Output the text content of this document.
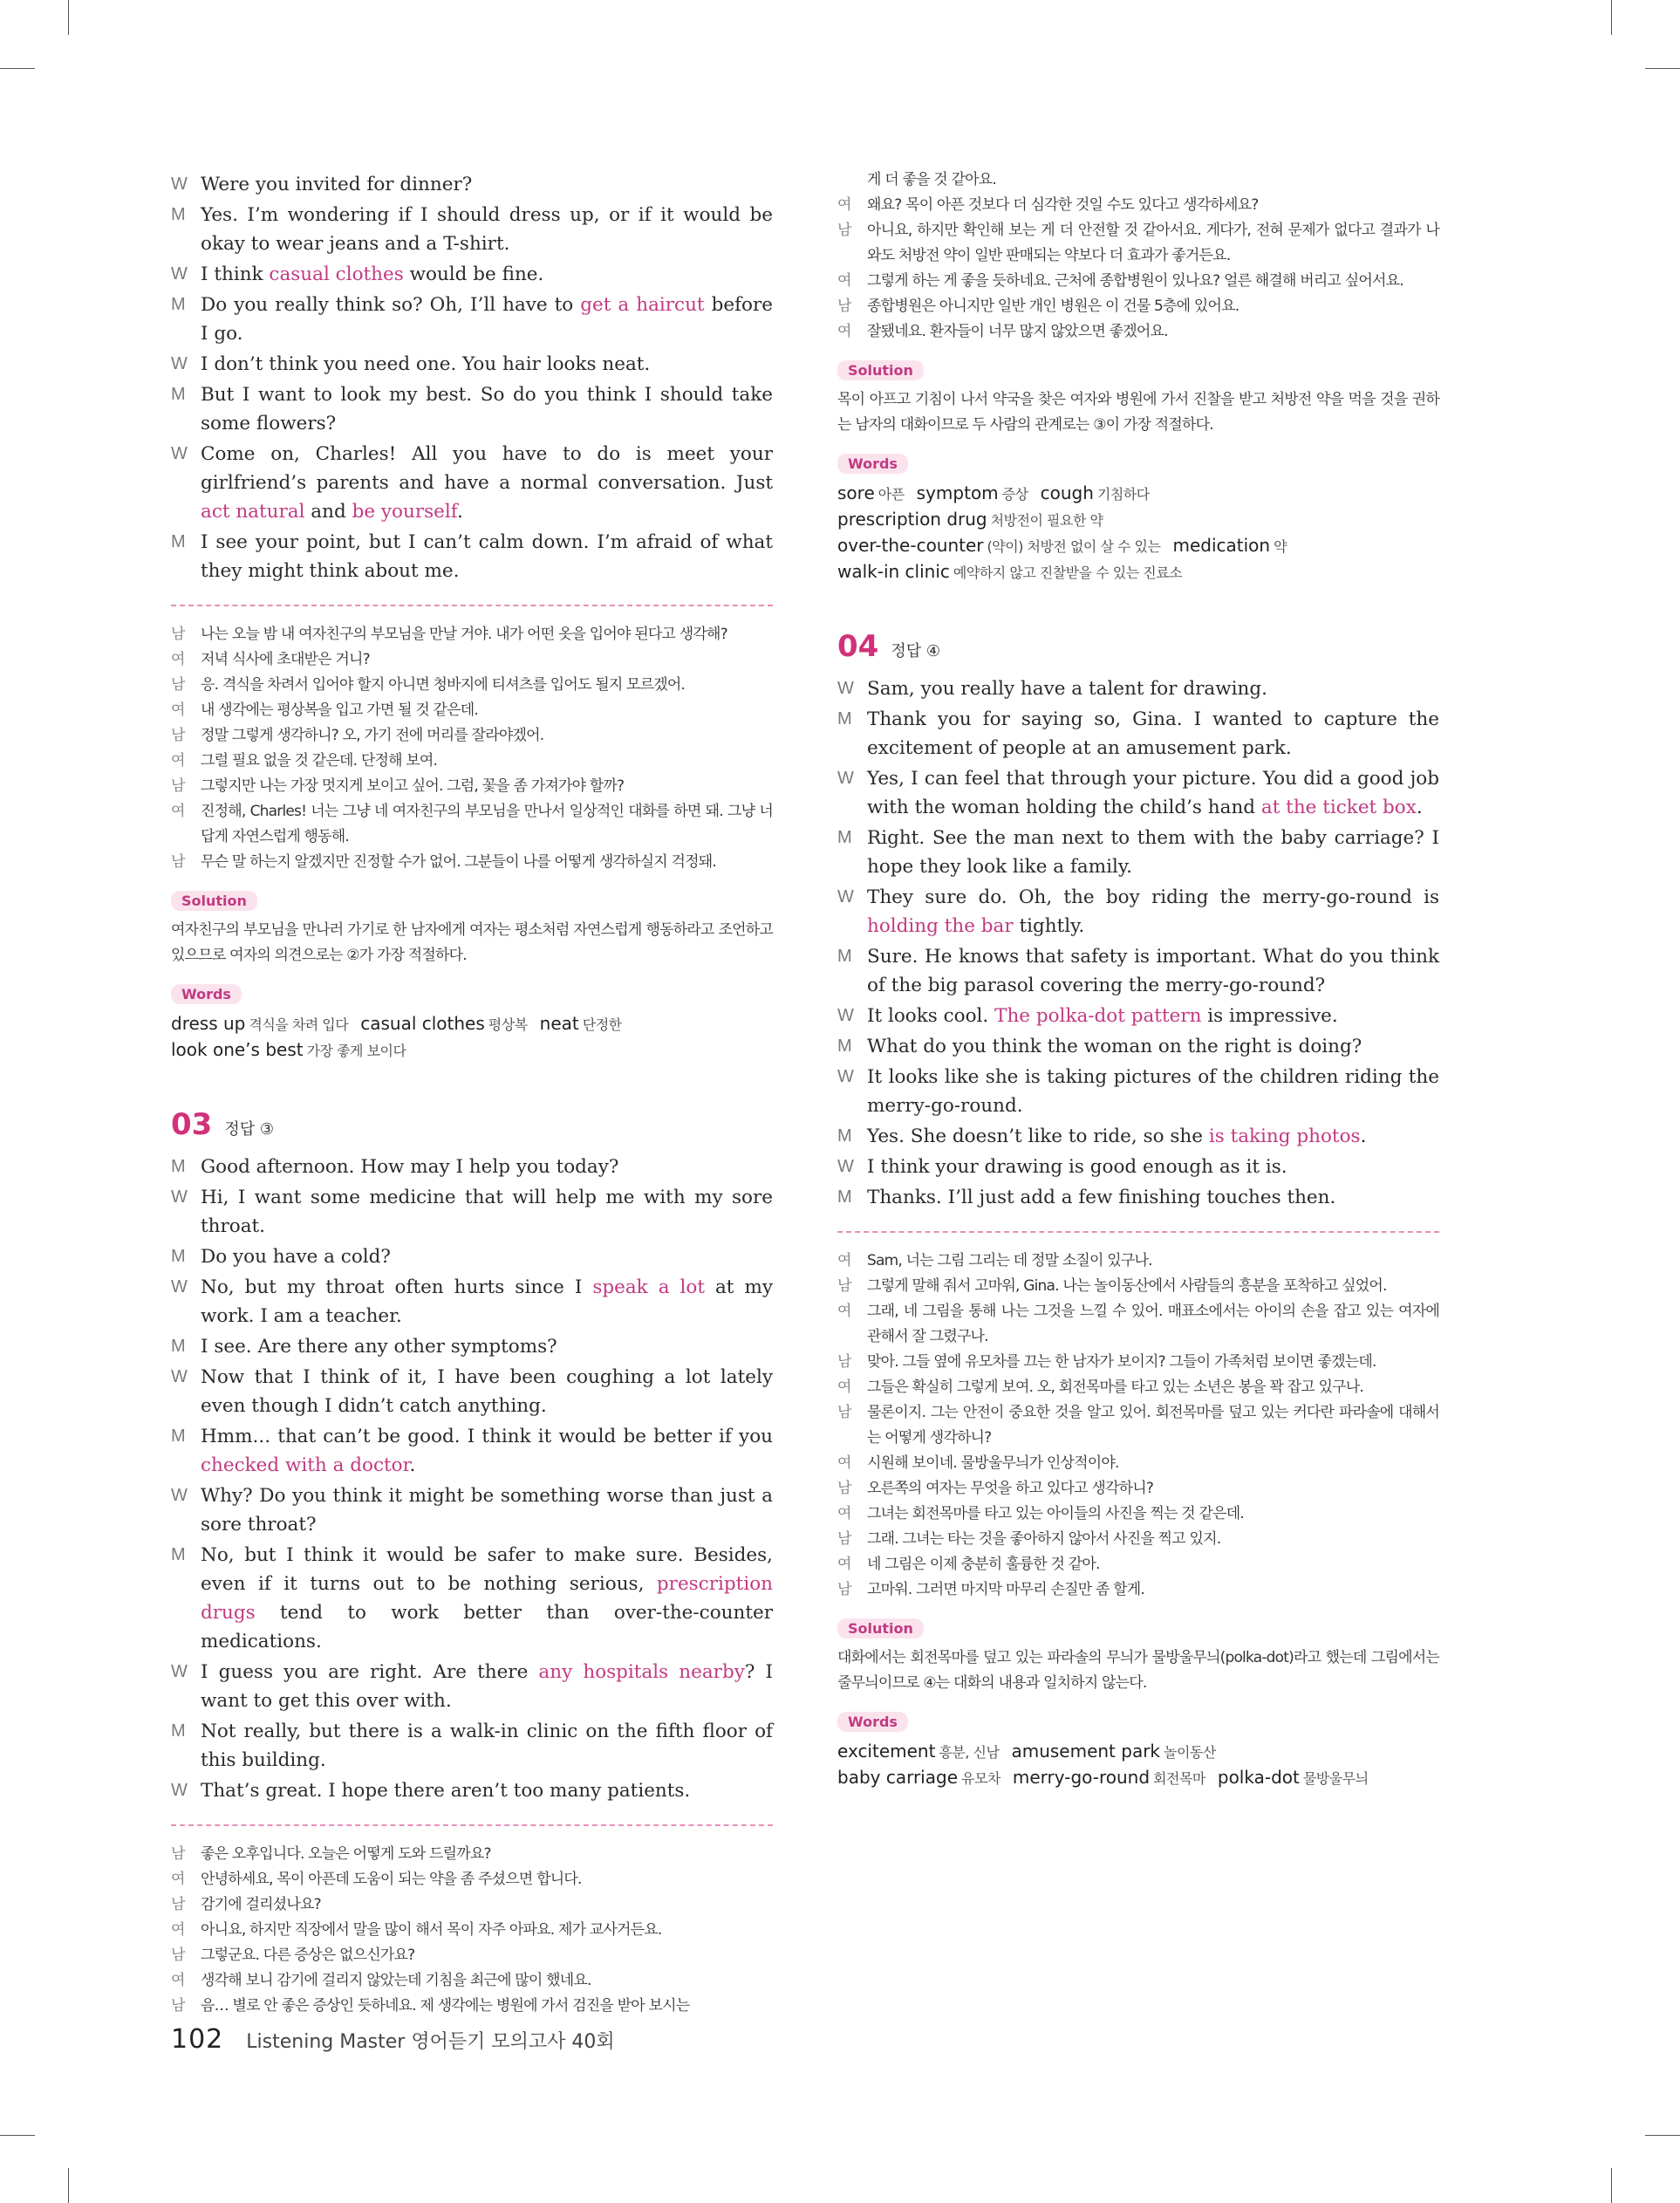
W Were you invited for dinner?
M Yes. I’m wondering if I should dress up, or if it would be okay to wear jeans and a T-shirt.
W I think casual clothes would be fine.
M Do you really think so? Oh, I’ll have to get a haircut before I go.
W I don’t think you need one. You hair looks neat.
M But I want to look my best. So do you think I should take some flowers?
W Come on, Charles! All you have to do is meet your girlfriend’s parents and have a normal conversation. Just act natural and be yourself.
M I see your point, but I can’t calm down. I’m afraid of what they might think about me.
남 나는 오늘 밤 내 여자친구의 부모님을 만날 거야. 내가 어떤 옷을 입어야 된다고 생각해?
여 저녁 식사에 초대받은 거니?
남 응. 격식을 차려서 입어야 할지 아니면 청바지에 티셔츠를 입어도 될지 모르겠어.
여 내 생각에는 평상복을 입고 가면 될 것 같은데.
남 정말 그렇게 생각하니? 오, 가기 전에 머리를 잘라야겠어.
여 그럴 필요 없을 것 같은데. 단정해 보여.
남 그렇지만 나는 가장 멋지게 보이고 싶어. 그럼, 꽃을 좀 가져가야 할까?
여 진정해, Charles! 너는 그냥 네 여자친구의 부모님을 만나서 일상적인 대화를 하면 돼. 그냥 너답게 자연스럽게 행동해.
남 무슨 말 하는지 알겠지만 진정할 수가 없어. 그분들이 나를 어떻게 생각하실지 걱정돼.
Solution
여자친구의 부모님을 만나러 가기로 한 남자에게 여자는 평소처럼 자연스럽게 행동하라고 조언하고 있으므로 여자의 의견으로는 ②가 가장 적절하다.
Words
dress up 격식을 차려 입다 casual clothes 평상복 neat 단정한
look one’s best 가장 좋게 보이다
03 정답 ③
M Good afternoon. How may I help you today?
W Hi, I want some medicine that will help me with my sore throat.
M Do you have a cold?
W No, but my throat often hurts since I speak a lot at my work. I am a teacher.
M I see. Are there any other symptoms?
W Now that I think of it, I have been coughing a lot lately even though I didn’t catch anything.
M Hmm... that can’t be good. I think it would be better if you checked with a doctor.
W Why? Do you think it might be something worse than just a sore throat?
M No, but I think it would be safer to make sure. Besides, even if it turns out to be nothing serious, prescription drugs tend to work better than over-the-counter medications.
W I guess you are right. Are there any hospitals nearby? I want to get this over with.
M Not really, but there is a walk-in clinic on the fifth floor of this building.
W That’s great. I hope there aren’t too many patients.
남 좋은 오후입니다. 오늘은 어떻게 도와 드릴까요?
여 안녕하세요, 목이 아픈데 도움이 되는 약을 좀 주셨으면 합니다.
남 감기에 걸리셨나요?
여 아니요, 하지만 직장에서 말을 많이 해서 목이 자주 아파요. 제가 교사거든요.
남 그렇군요. 다른 증상은 없으신가요?
여 생각해 보니 감기에 걸리지 않았는데 기침을 최근에 많이 했네요.
남 음… 별로 안 좋은 증상인 듯하네요. 제 생각에는 병원에 가서 검진을 받아 보시는
게 더 좋을 것 같아요.
여 왜요? 목이 아픈 것보다 더 심각한 것일 수도 있다고 생각하세요?
남 아니요, 하지만 확인해 보는 게 더 안전할 것 같아서요. 게다가, 전혀 문제가 없다고 결과가 나와도 처방전 약이 일반 판매되는 약보다 더 효과가 좋거든요.
여 그렇게 하는 게 좋을 듯하네요. 근처에 종합병원이 있나요? 얼른 해결해 버리고 싶어서요.
남 종합병원은 아니지만 일반 개인 병원은 이 건물 5층에 있어요.
여 잘됐네요. 환자들이 너무 많지 않았으면 좋겠어요.
Solution
목이 아프고 기침이 나서 약국을 찾은 여자와 병원에 가서 진찰을 받고 처방전 약을 먹을 것을 권하는 남자의 대화이므로 두 사람의 관계로는 ③이 가장 적절하다.
Words
sore 아픈 symptom 증상 cough 기침하다
prescription drug 처방전이 필요한 약
over-the-counter (약이) 처방전 없이 살 수 있는 medication 약
walk-in clinic 예약하지 않고 진찰받을 수 있는 진료소
04 정답 ④
W Sam, you really have a talent for drawing.
M Thank you for saying so, Gina. I wanted to capture the excitement of people at an amusement park.
W Yes, I can feel that through your picture. You did a good job with the woman holding the child’s hand at the ticket box.
M Right. See the man next to them with the baby carriage? I hope they look like a family.
W They sure do. Oh, the boy riding the merry-go-round is holding the bar tightly.
M Sure. He knows that safety is important. What do you think of the big parasol covering the merry-go-round?
W It looks cool. The polka-dot pattern is impressive.
M What do you think the woman on the right is doing?
W It looks like she is taking pictures of the children riding the merry-go-round.
M Yes. She doesn’t like to ride, so she is taking photos.
W I think your drawing is good enough as it is.
M Thanks. I’ll just add a few finishing touches then.
여 Sam, 너는 그림 그리는 데 정말 소질이 있구나.
남 그렇게 말해 줘서 고마워, Gina. 나는 놀이동산에서 사람들의 흥분을 포착하고 싶었어.
여 그래, 네 그림을 통해 나는 그것을 느낄 수 있어. 매표소에서는 아이의 손을 잡고 있는 여자에 관해서 잘 그렸구나.
남 맞아. 그들 옆에 유모차를 끄는 한 남자가 보이지? 그들이 가족처럼 보이면 좋겠는데.
여 그들은 확실히 그렇게 보여. 오, 회전목마를 타고 있는 소년은 봉을 꽉 잡고 있구나.
남 물론이지. 그는 안전이 중요한 것을 알고 있어. 회전목마를 덮고 있는 커다란 파라솔에 대해서는 어떻게 생각하니?
여 시원해 보이네. 물방울무늬가 인상적이야.
남 오른쪽의 여자는 무엇을 하고 있다고 생각하니?
여 그녀는 회전목마를 타고 있는 아이들의 사진을 찍는 것 같은데.
남 그래. 그녀는 타는 것을 좋아하지 않아서 사진을 찍고 있지.
여 네 그림은 이제 충분히 훌륭한 것 같아.
남 고마워. 그러면 마지막 마무리 손질만 좀 할게.
Solution
대화에서는 회전목마를 덮고 있는 파라솔의 무늬가 물방울무늬(polka-dot)라고 했는데 그림에서는 줄무늬이므로 ④는 대화의 내용과 일치하지 않는다.
Words
excitement 흥분, 신남 amusement park 놀이동산
baby carriage 유모차 merry-go-round 회전목마 polka-dot 물방울무늬
102 Listening Master 영어듣기 모의고사 40회
